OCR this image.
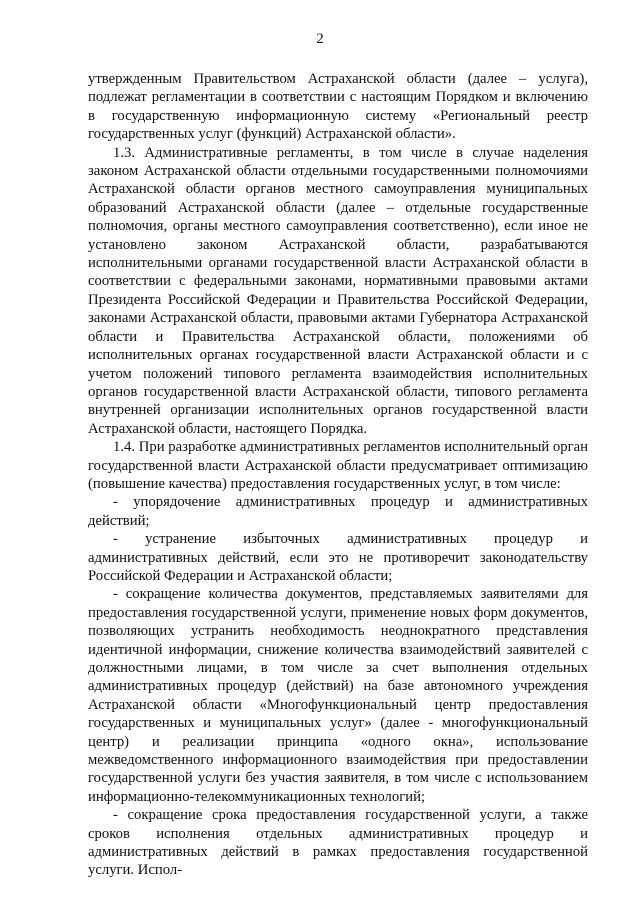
2

утвержденным Правительством Астраханской области (далее – услуга), подлежат регламентации в соответствии с настоящим Порядком и включению в государственную информационную систему «Региональный реестр государственных услуг (функций) Астраханской области».

1.3. Административные регламенты, в том числе в случае наделения законом Астраханской области отдельными государственными полномочиями Астраханской области органов местного самоуправления муниципальных образований Астраханской области (далее – отдельные государственные полномочия, органы местного самоуправления соответственно), если иное не установлено законом Астраханской области, разрабатываются исполнительными органами государственной власти Астраханской области в соответствии с федеральными законами, нормативными правовыми актами Президента Российской Федерации и Правительства Российской Федерации, законами Астраханской области, правовыми актами Губернатора Астраханской области и Правительства Астраханской области, положениями об исполнительных органах государственной власти Астраханской области и с учетом положений типового регламента взаимодействия исполнительных органов государственной власти Астраханской области, типового регламента внутренней организации исполнительных органов государственной власти Астраханской области, настоящего Порядка.

1.4. При разработке административных регламентов исполнительный орган государственной власти Астраханской области предусматривает оптимизацию (повышение качества) предоставления государственных услуг, в том числе:

- упорядочение административных процедур и административных действий;

- устранение избыточных административных процедур и административных действий, если это не противоречит законодательству Российской Федерации и Астраханской области;

- сокращение количества документов, представляемых заявителями для предоставления государственной услуги, применение новых форм документов, позволяющих устранить необходимость неоднократного представления идентичной информации, снижение количества взаимодействий заявителей с должностными лицами, в том числе за счет выполнения отдельных административных процедур (действий) на базе автономного учреждения Астраханской области «Многофункциональный центр предоставления государственных и муниципальных услуг» (далее - многофункциональный центр) и реализации принципа «одного окна», использование межведомственного информационного взаимодействия при предоставлении государственной услуги без участия заявителя, в том числе с использованием информационно-телекоммуникационных технологий;

- сокращение срока предоставления государственной услуги, а также сроков исполнения отдельных административных процедур и административных действий в рамках предоставления государственной услуги. Испол-
